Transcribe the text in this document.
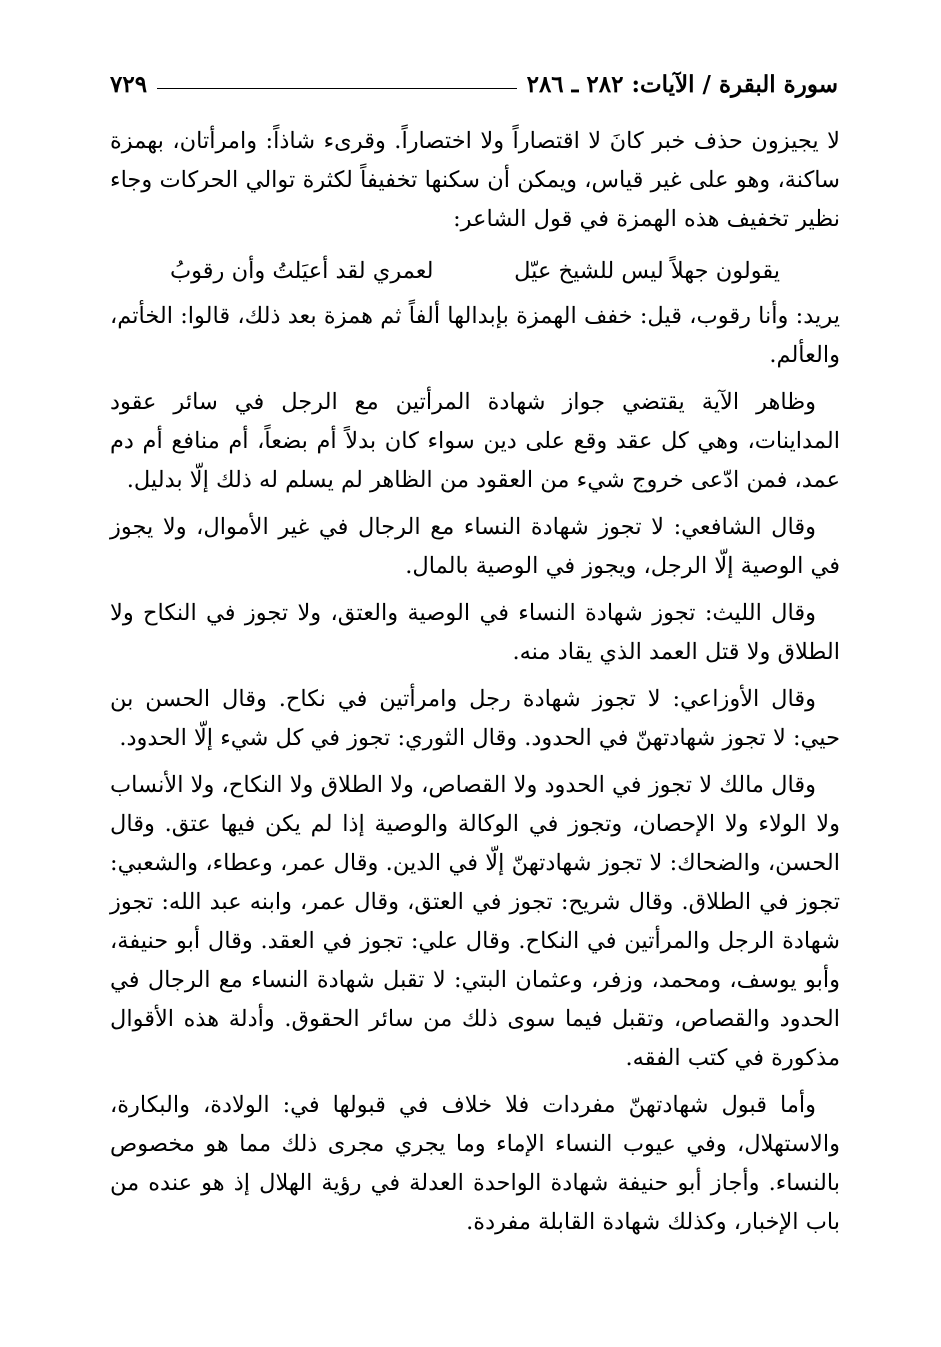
سورة البقرة / الآيات: ٢٨٢ ـ ٢٨٦
٧٢٩

لا يجيزون حذف خبر كانَ لا اقتصاراً ولا اختصاراً. وقرىء شاذاً: وامرأتان، بهمزة ساكنة، وهو على غير قياس، ويمكن أن سكنها تخفيفاً لكثرة توالي الحركات وجاء نظير تخفيف هذه الهمزة في قول الشاعر:

يقولون جهلاً ليس للشيخ عيّل
لعمري لقد أعيَلتُ وأن رقوبُ

يريد: وأنا رقوب، قيل: خفف الهمزة بإبدالها ألفاً ثم همزة بعد ذلك، قالوا: الخأتم، والعألم.

وظاهر الآية يقتضي جواز شهادة المرأتين مع الرجل في سائر عقود المداينات، وهي كل عقد وقع على دين سواء كان بدلاً أم بضعاً، أم منافع أم دم عمد، فمن ادّعى خروج شيء من العقود من الظاهر لم يسلم له ذلك إلّا بدليل.

وقال الشافعي: لا تجوز شهادة النساء مع الرجال في غير الأموال، ولا يجوز في الوصية إلّا الرجل، ويجوز في الوصية بالمال.

وقال الليث: تجوز شهادة النساء في الوصية والعتق، ولا تجوز في النكاح ولا الطلاق ولا قتل العمد الذي يقاد منه.

وقال الأوزاعي: لا تجوز شهادة رجل وامرأتين في نكاح. وقال الحسن بن حيي: لا تجوز شهادتهنّ في الحدود. وقال الثوري: تجوز في كل شيء إلّا الحدود.

وقال مالك لا تجوز في الحدود ولا القصاص، ولا الطلاق ولا النكاح، ولا الأنساب ولا الولاء ولا الإحصان، وتجوز في الوكالة والوصية إذا لم يكن فيها عتق. وقال الحسن، والضحاك: لا تجوز شهادتهنّ إلّا في الدين. وقال عمر، وعطاء، والشعبي: تجوز في الطلاق. وقال شريح: تجوز في العتق، وقال عمر، وابنه عبد الله: تجوز شهادة الرجل والمرأتين في النكاح. وقال علي: تجوز في العقد. وقال أبو حنيفة، وأبو يوسف، ومحمد، وزفر، وعثمان البتي: لا تقبل شهادة النساء مع الرجال في الحدود والقصاص، وتقبل فيما سوى ذلك من سائر الحقوق. وأدلة هذه الأقوال مذكورة في كتب الفقه.

وأما قبول شهادتهنّ مفردات فلا خلاف في قبولها في: الولادة، والبكارة، والاستهلال، وفي عيوب النساء الإماء وما يجري مجرى ذلك مما هو مخصوص بالنساء. وأجاز أبو حنيفة شهادة الواحدة العدلة في رؤية الهلال إذ هو عنده من باب الإخبار، وكذلك شهادة القابلة مفردة.
